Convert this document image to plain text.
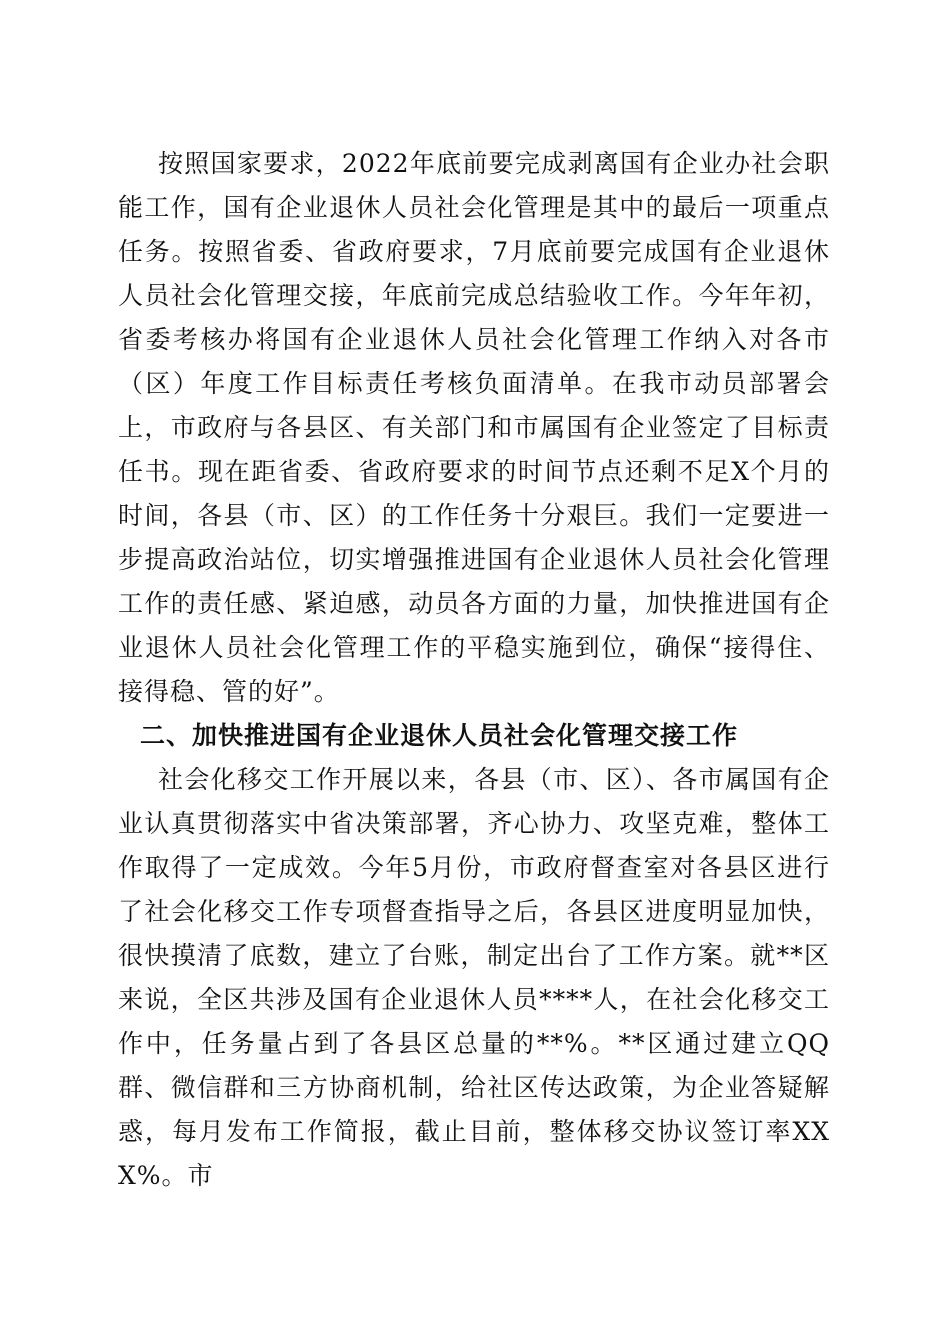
按照国家要求，2022年底前要完成剥离国有企业办社会职能工作，国有企业退休人员社会化管理是其中的最后一项重点任务。按照省委、省政府要求，7月底前要完成国有企业退休人员社会化管理交接，年底前完成总结验收工作。今年年初，省委考核办将国有企业退休人员社会化管理工作纳入对各市（区）年度工作目标责任考核负面清单。在我市动员部署会上，市政府与各县区、有关部门和市属国有企业签定了目标责任书。现在距省委、省政府要求的时间节点还剩不足X个月的时间，各县（市、区）的工作任务十分艰巨。我们一定要进一步提高政治站位，切实增强推进国有企业退休人员社会化管理工作的责任感、紧迫感，动员各方面的力量，加快推进国有企业退休人员社会化管理工作的平稳实施到位，确保“接得住、接得稳、管的好”。

二、加快推进国有企业退休人员社会化管理交接工作

社会化移交工作开展以来，各县（市、区）、各市属国有企业认真贯彻落实中省决策部署，齐心协力、攻坚克难，整体工作取得了一定成效。今年5月份，市政府督查室对各县区进行了社会化移交工作专项督查指导之后，各县区进度明显加快，很快摸清了底数，建立了台账，制定出台了工作方案。就**区来说，全区共涉及国有企业退休人员****人，在社会化移交工作中，任务量占到了各县区总量的**%。**区通过建立QQ群、微信群和三方协商机制，给社区传达政策，为企业答疑解惑，每月发布工作简报，截止目前，整体移交协议签订率XXX%。市
